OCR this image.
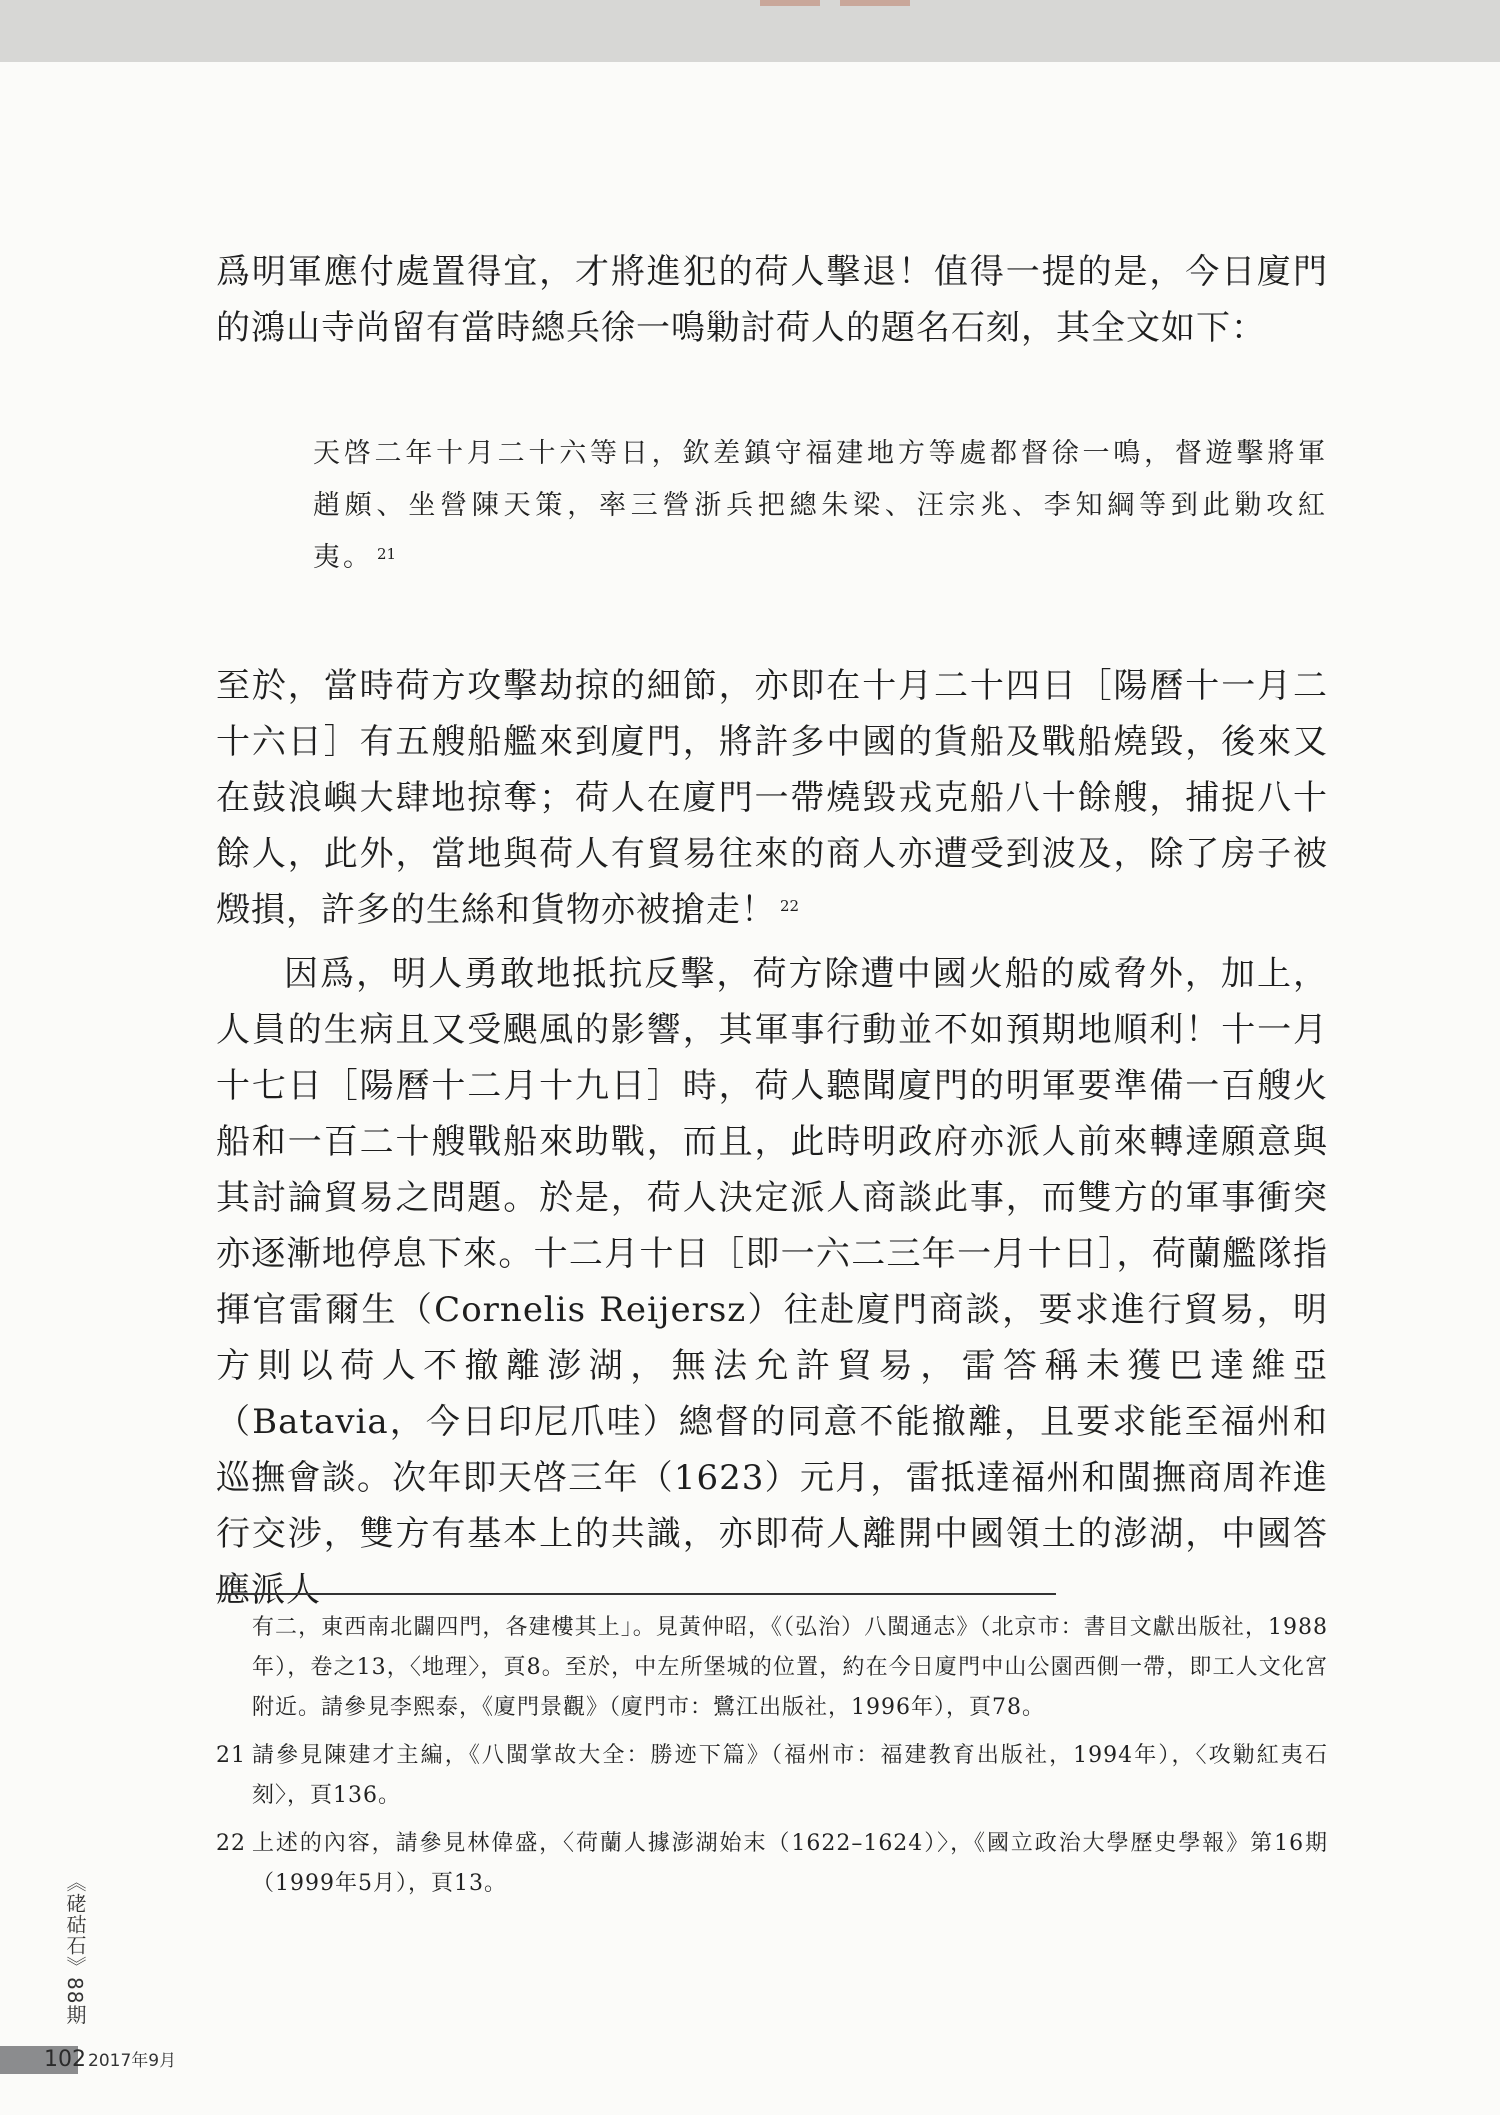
爲明軍應付處置得宜，才將進犯的荷人擊退！值得一提的是，今日廈門的鴻山寺尚留有當時總兵徐一鳴勦討荷人的題名石刻，其全文如下：

天啓二年十月二十六等日，欽差鎮守福建地方等處都督徐一鳴，督遊擊將軍趙頗、坐營陳天策，率三營浙兵把總朱梁、汪宗兆、李知綱等到此勦攻紅夷。 $^{21}$

至於，當時荷方攻擊劫掠的細節，亦即在十月二十四日［陽曆十一月二十六日］有五艘船艦來到廈門，將許多中國的貨船及戰船燒毀，後來又在鼓浪嶼大肆地掠奪；荷人在廈門一帶燒毀戎克船八十餘艘，捕捉八十餘人，此外，當地與荷人有貿易往來的商人亦遭受到波及，除了房子被燬損，許多的生絲和貨物亦被搶走！ $^{22}$

因爲，明人勇敢地抵抗反擊，荷方除遭中國火船的威脅外，加上，人員的生病且又受颶風的影響，其軍事行動並不如預期地順利！十一月十七日［陽曆十二月十九日］時，荷人聽聞廈門的明軍要準備一百艘火船和一百二十艘戰船來助戰，而且，此時明政府亦派人前來轉達願意與其討論貿易之問題。於是，荷人決定派人商談此事，而雙方的軍事衝突亦逐漸地停息下來。十二月十日［即一六二三年一月十日］，荷蘭艦隊指揮官雷爾生（Cornelis Reijersz）往赴廈門商談，要求進行貿易，明方則以荷人不撤離澎湖，無法允許貿易，雷答稱未獲巴達維亞（Batavia，今日印尼爪哇）總督的同意不能撤離，且要求能至福州和巡撫會談。次年即天啓三年（1623）元月，雷抵達福州和閩撫商周祚進行交涉，雙方有基本上的共識，亦即荷人離開中國領土的澎湖，中國答應派人

有二，東西南北闢四門，各建樓其上」。見黃仲昭，《（弘治）八閩通志》（北京市：書目文獻出版社，1988年），卷之13，〈地理〉，頁8。至於，中左所堡城的位置，約在今日廈門中山公園西側一帶，即工人文化宮附近。請參見李熙泰，《廈門景觀》（廈門市：鷺江出版社，1996年），頁78。

21 請參見陳建才主編，《八閩掌故大全：勝迹下篇》（福州市：福建教育出版社，1994年），〈攻勦紅夷石刻〉，頁136。
22 上述的內容，請參見林偉盛，〈荷蘭人據澎湖始末（1622–1624）〉，《國立政治大學歷史學報》第16期（1999年5月），頁13。
《硓𥑮石》88期
102 2017年9月
